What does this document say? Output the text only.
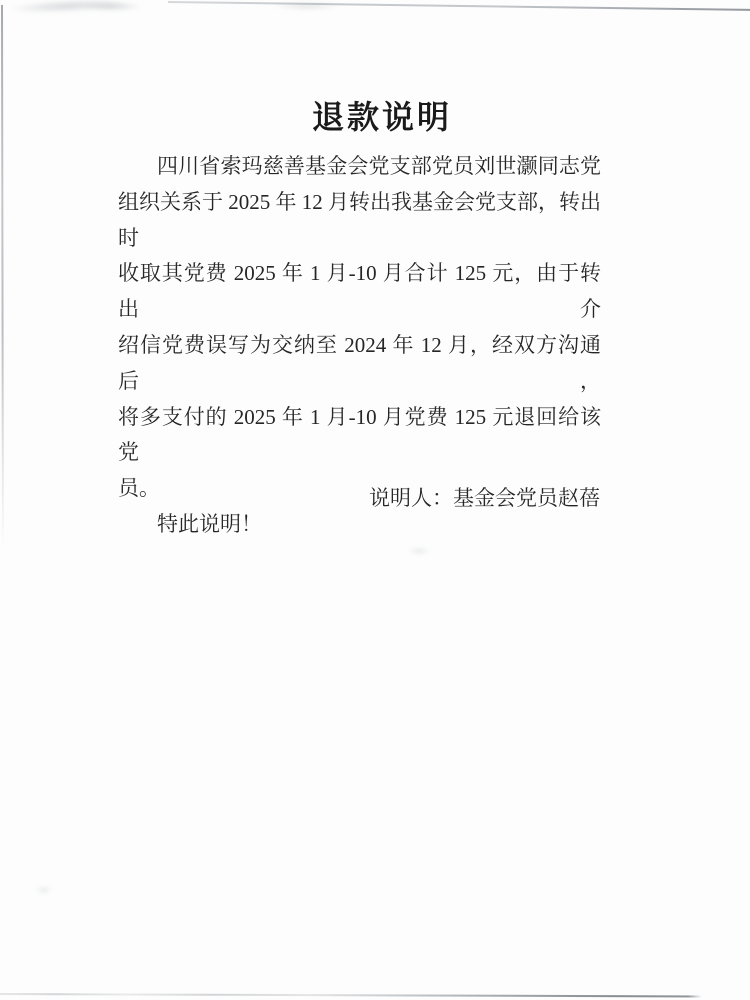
退款说明
四川省索玛慈善基金会党支部党员刘世灏同志党
组织关系于 2025 年 12 月转出我基金会党支部，转出时
收取其党费 2025 年 1 月-10 月合计 125 元，由于转出介
绍信党费误写为交纳至 2024 年 12 月，经双方沟通后，
将多支付的 2025 年 1 月-10 月党费 125 元退回给该党
员。
特此说明！
说明人：基金会党员赵蓓
